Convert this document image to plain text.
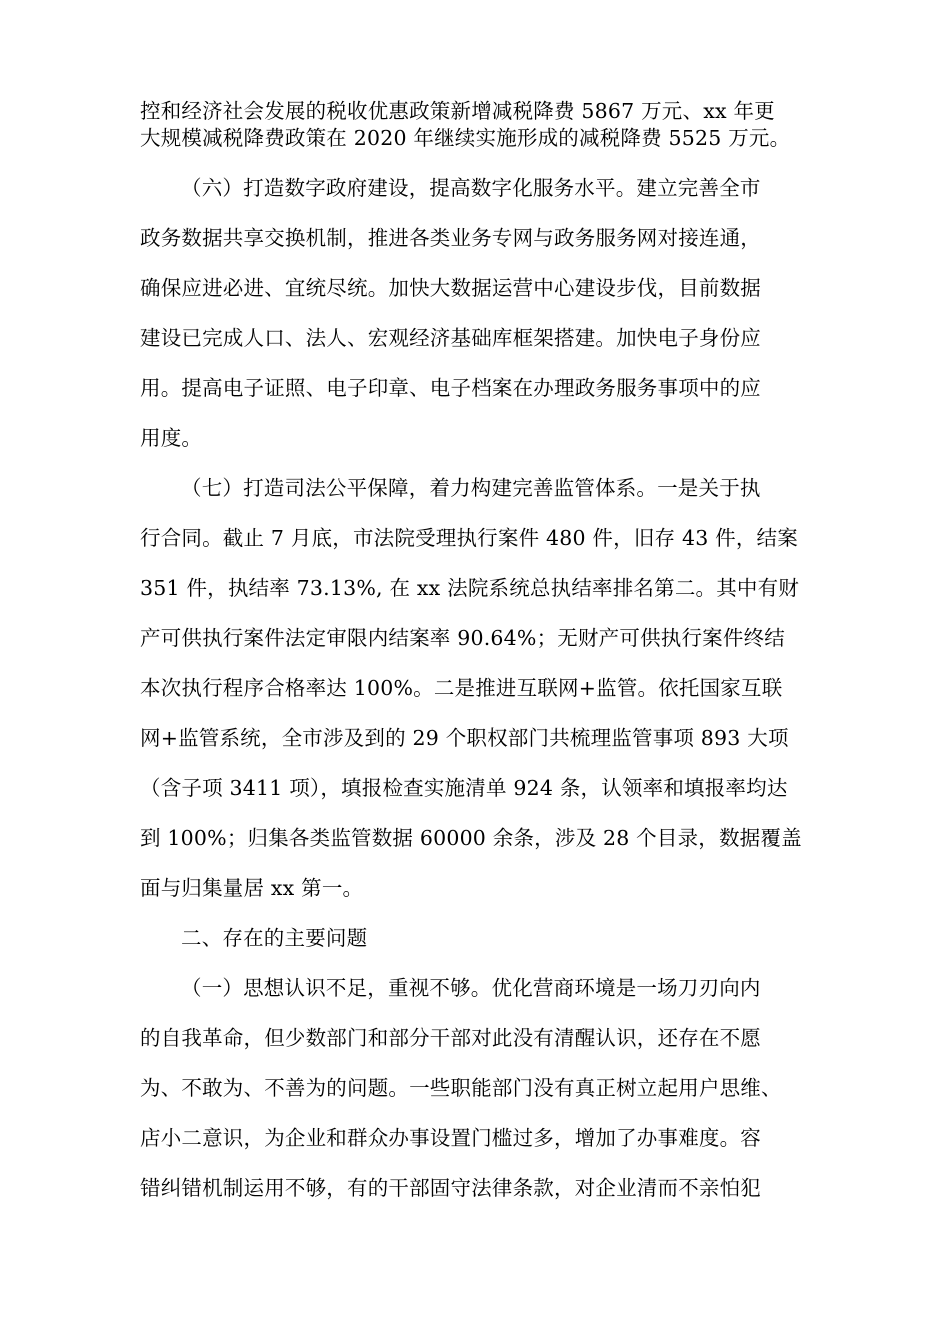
控和经济社会发展的税收优惠政策新增减税降费 5867 万元、xx 年更
大规模减税降费政策在 2020 年继续实施形成的减税降费 5525 万元。
（六）打造数字政府建设，提高数字化服务水平。建立完善全市
政务数据共享交换机制，推进各类业务专网与政务服务网对接连通，
确保应进必进、宜统尽统。加快大数据运营中心建设步伐，目前数据
建设已完成人口、法人、宏观经济基础库框架搭建。加快电子身份应
用。提高电子证照、电子印章、电子档案在办理政务服务事项中的应
用度。
（七）打造司法公平保障，着力构建完善监管体系。一是关于执
行合同。截止 7 月底，市法院受理执行案件 480 件，旧存 43 件，结案
351 件，执结率 73.13%, 在 xx 法院系统总执结率排名第二。其中有财
产可供执行案件法定审限内结案率 90.64%；无财产可供执行案件终结
本次执行程序合格率达 100%。二是推进互联网+监管。依托国家互联
网+监管系统，全市涉及到的 29 个职权部门共梳理监管事项 893 大项
（含子项 3411 项），填报检查实施清单 924 条，认领率和填报率均达
到 100%；归集各类监管数据 60000 余条，涉及 28 个目录，数据覆盖
面与归集量居 xx 第一。
二、存在的主要问题
（一）思想认识不足，重视不够。优化营商环境是一场刀刃向内
的自我革命，但少数部门和部分干部对此没有清醒认识，还存在不愿
为、不敢为、不善为的问题。一些职能部门没有真正树立起用户思维、
店小二意识，为企业和群众办事设置门槛过多，增加了办事难度。容
错纠错机制运用不够，有的干部固守法律条款，对企业清而不亲怕犯
